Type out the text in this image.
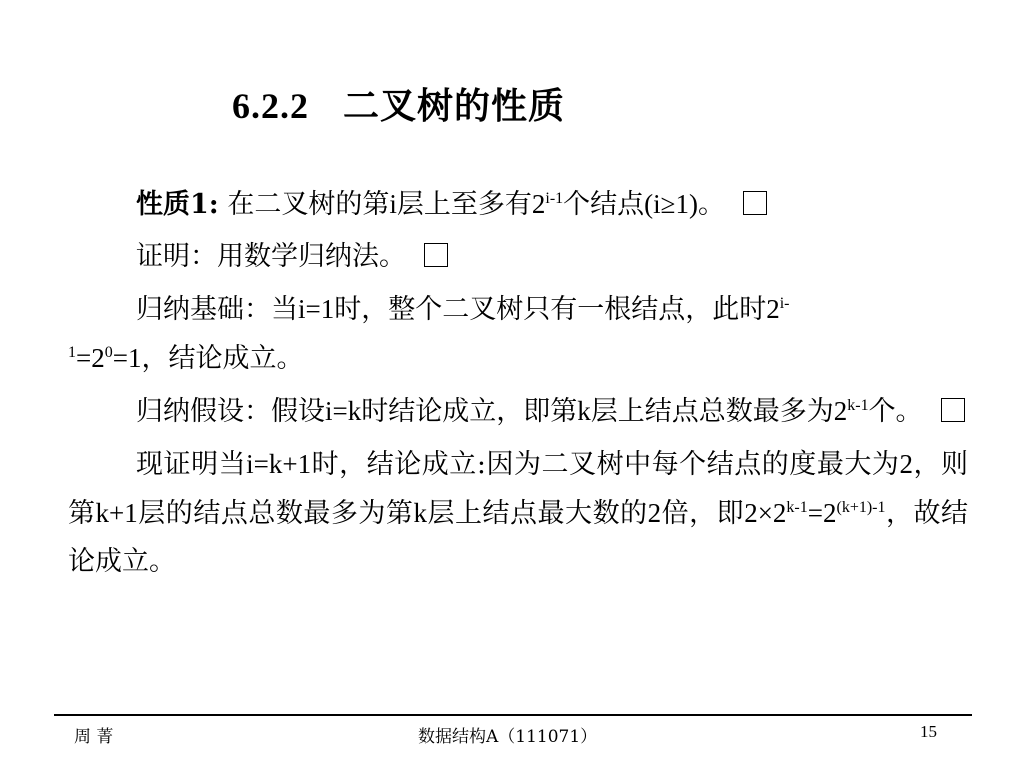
6.2.2 二叉树的性质

性质1: 在二叉树的第i层上至多有2$^{i-1}$个结点(i≥1)。

证明：用数学归纳法。

归纳基础：当i=1时，整个二叉树只有一根结点，此时$2^{i-}$
$^1=2^0=1$，结论成立。

归纳假设：假设i=k时结论成立，即第k层上结点总数最多为2$^{k-1}$个。

现证明当i=k+1时，结论成立:因为二叉树中每个结点的度最大为2，则第k+1层的结点总数最多为第k层上结点最大数的2倍，即$2\times 2^{k-1}=2^{(k+1)-1}$，故结论成立。

周 菁	数据结构A（111071）	15
